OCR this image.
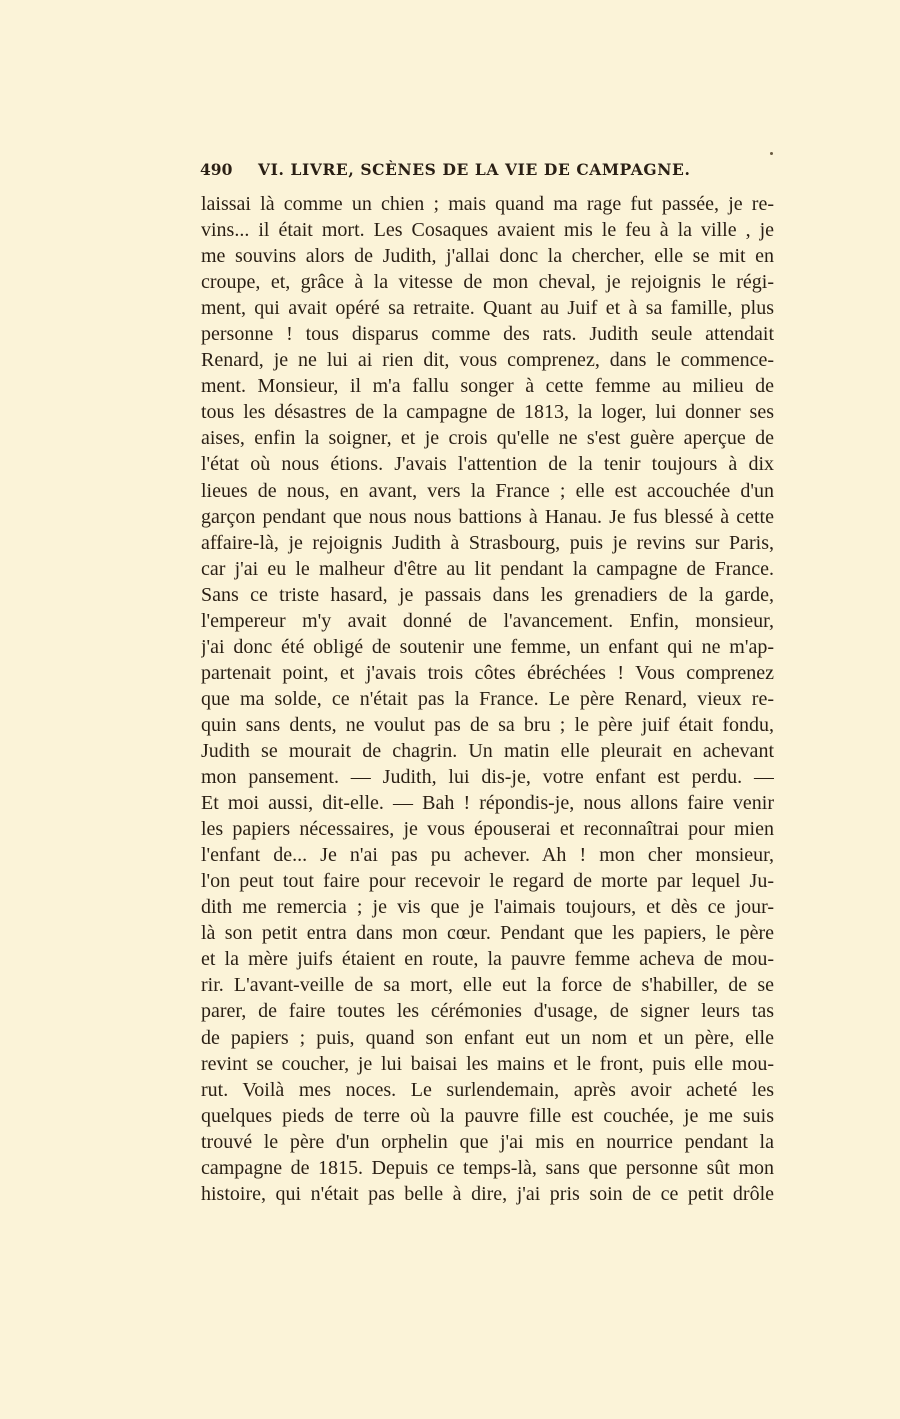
490 VI. LIVRE, SCÈNES DE LA VIE DE CAMPAGNE.
laissai là comme un chien ; mais quand ma rage fut passée, je re-
vins... il était mort. Les Cosaques avaient mis le feu à la ville , je
me souvins alors de Judith, j'allai donc la chercher, elle se mit en
croupe, et, grâce à la vitesse de mon cheval, je rejoignis le régi-
ment, qui avait opéré sa retraite. Quant au Juif et à sa famille, plus
personne ! tous disparus comme des rats. Judith seule attendait
Renard, je ne lui ai rien dit, vous comprenez, dans le commence-
ment. Monsieur, il m'a fallu songer à cette femme au milieu de
tous les désastres de la campagne de 1813, la loger, lui donner ses
aises, enfin la soigner, et je crois qu'elle ne s'est guère aperçue de
l'état où nous étions. J'avais l'attention de la tenir toujours à dix
lieues de nous, en avant, vers la France ; elle est accouchée d'un
garçon pendant que nous nous battions à Hanau. Je fus blessé à cette
affaire-là, je rejoignis Judith à Strasbourg, puis je revins sur Paris,
car j'ai eu le malheur d'être au lit pendant la campagne de France.
Sans ce triste hasard, je passais dans les grenadiers de la garde,
l'empereur m'y avait donné de l'avancement. Enfin, monsieur,
j'ai donc été obligé de soutenir une femme, un enfant qui ne m'ap-
partenait point, et j'avais trois côtes ébréchées ! Vous comprenez
que ma solde, ce n'était pas la France. Le père Renard, vieux re-
quin sans dents, ne voulut pas de sa bru ; le père juif était fondu,
Judith se mourait de chagrin. Un matin elle pleurait en achevant
mon pansement. — Judith, lui dis-je, votre enfant est perdu. —
Et moi aussi, dit-elle. — Bah ! répondis-je, nous allons faire venir
les papiers nécessaires, je vous épouserai et reconnaîtrai pour mien
l'enfant de... Je n'ai pas pu achever. Ah ! mon cher monsieur,
l'on peut tout faire pour recevoir le regard de morte par lequel Ju-
dith me remercia ; je vis que je l'aimais toujours, et dès ce jour-
là son petit entra dans mon cœur. Pendant que les papiers, le père
et la mère juifs étaient en route, la pauvre femme acheva de mou-
rir. L'avant-veille de sa mort, elle eut la force de s'habiller, de se
parer, de faire toutes les cérémonies d'usage, de signer leurs tas
de papiers ; puis, quand son enfant eut un nom et un père, elle
revint se coucher, je lui baisai les mains et le front, puis elle mou-
rut. Voilà mes noces. Le surlendemain, après avoir acheté les
quelques pieds de terre où la pauvre fille est couchée, je me suis
trouvé le père d'un orphelin que j'ai mis en nourrice pendant la
campagne de 1815. Depuis ce temps-là, sans que personne sût mon
histoire, qui n'était pas belle à dire, j'ai pris soin de ce petit drôle
